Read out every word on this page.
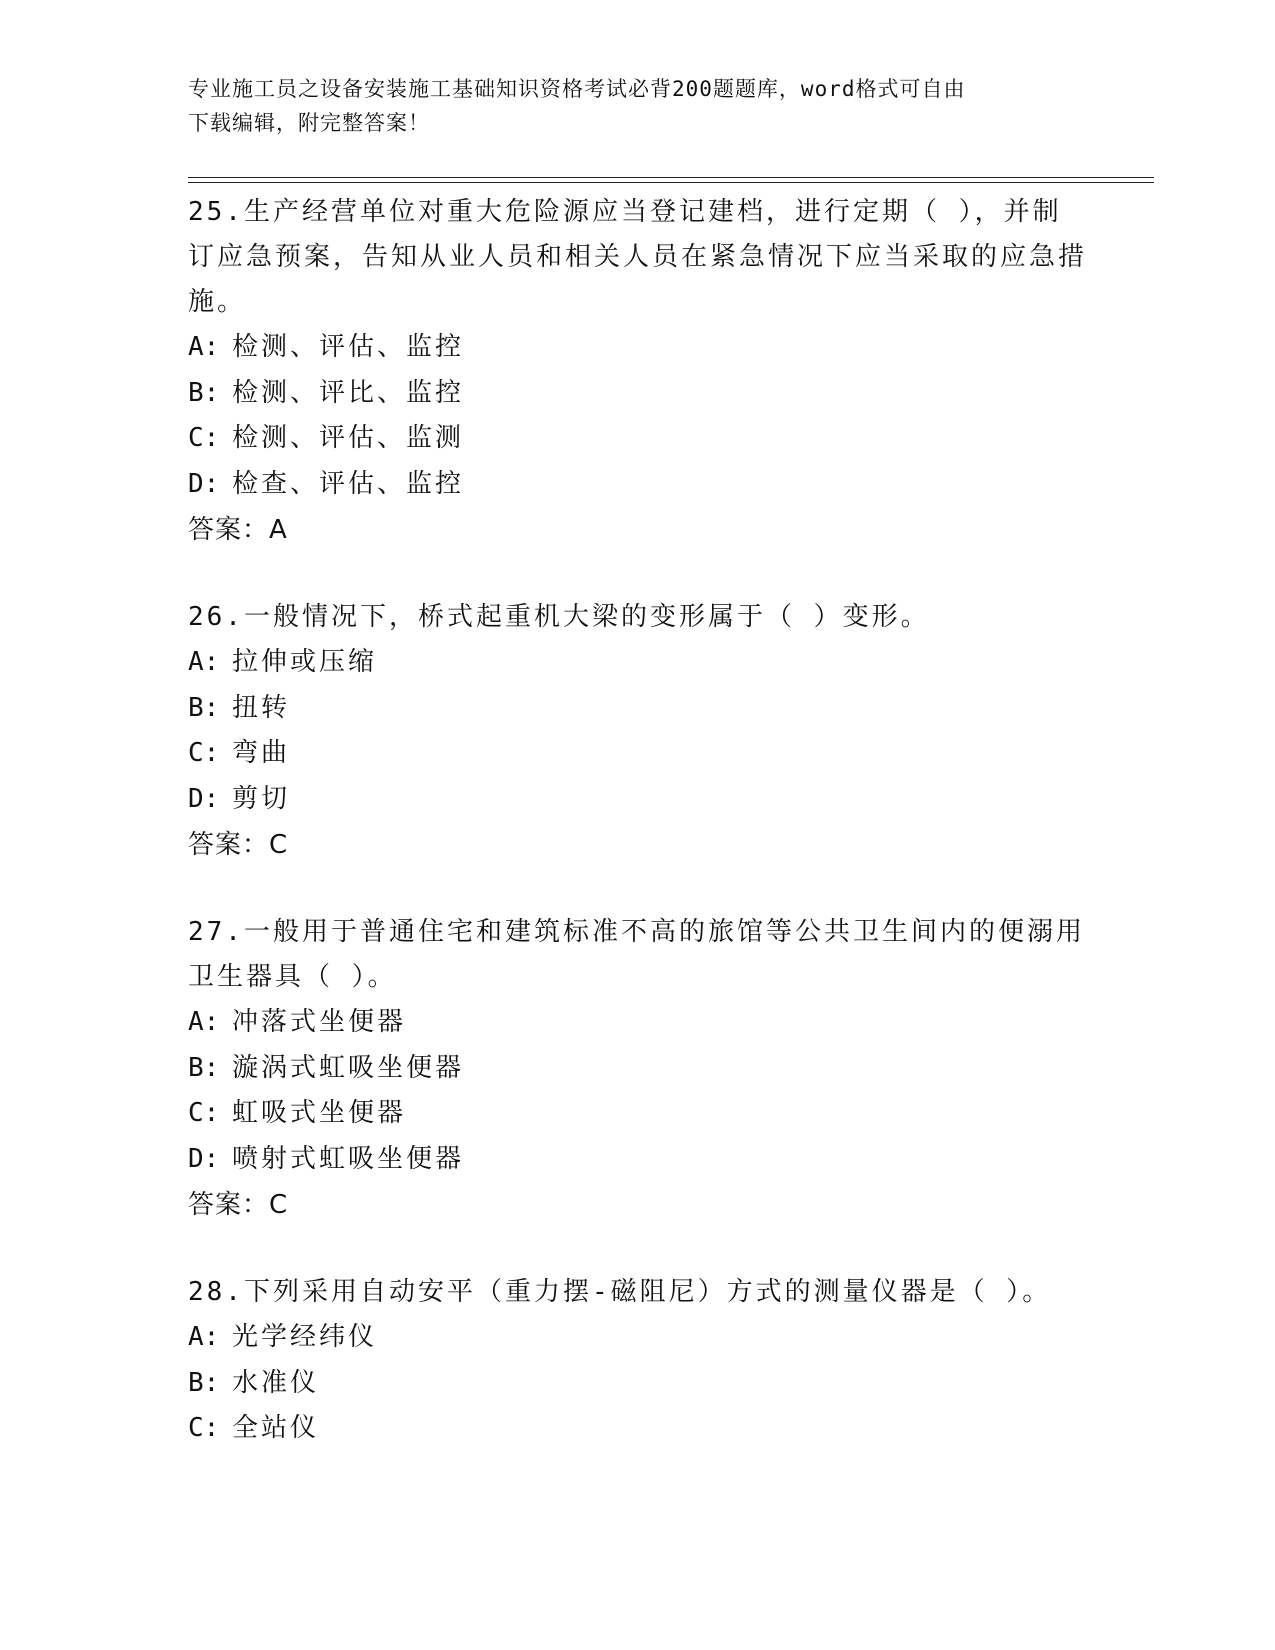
专业施工员之设备安装施工基础知识资格考试必背200题题库，word格式可自由
下载编辑，附完整答案！

25.生产经营单位对重大危险源应当登记建档，进行定期（ ），并制订应急预案，告知从业人员和相关人员在紧急情况下应当采取的应急措施。

A: 检测、评估、监控

B: 检测、评比、监控

C: 检测、评估、监测

D: 检查、评估、监控

答案：A

26.一般情况下，桥式起重机大梁的变形属于（ ）变形。

A: 拉伸或压缩

B: 扭转

C: 弯曲

D: 剪切

答案：C

27.一般用于普通住宅和建筑标准不高的旅馆等公共卫生间内的便溺用卫生器具（ ）。

A: 冲落式坐便器

B: 漩涡式虹吸坐便器

C: 虹吸式坐便器

D: 喷射式虹吸坐便器

答案：C

28.下列采用自动安平（重力摆-磁阻尼）方式的测量仪器是（ ）。

A: 光学经纬仪

B: 水准仪

C: 全站仪
